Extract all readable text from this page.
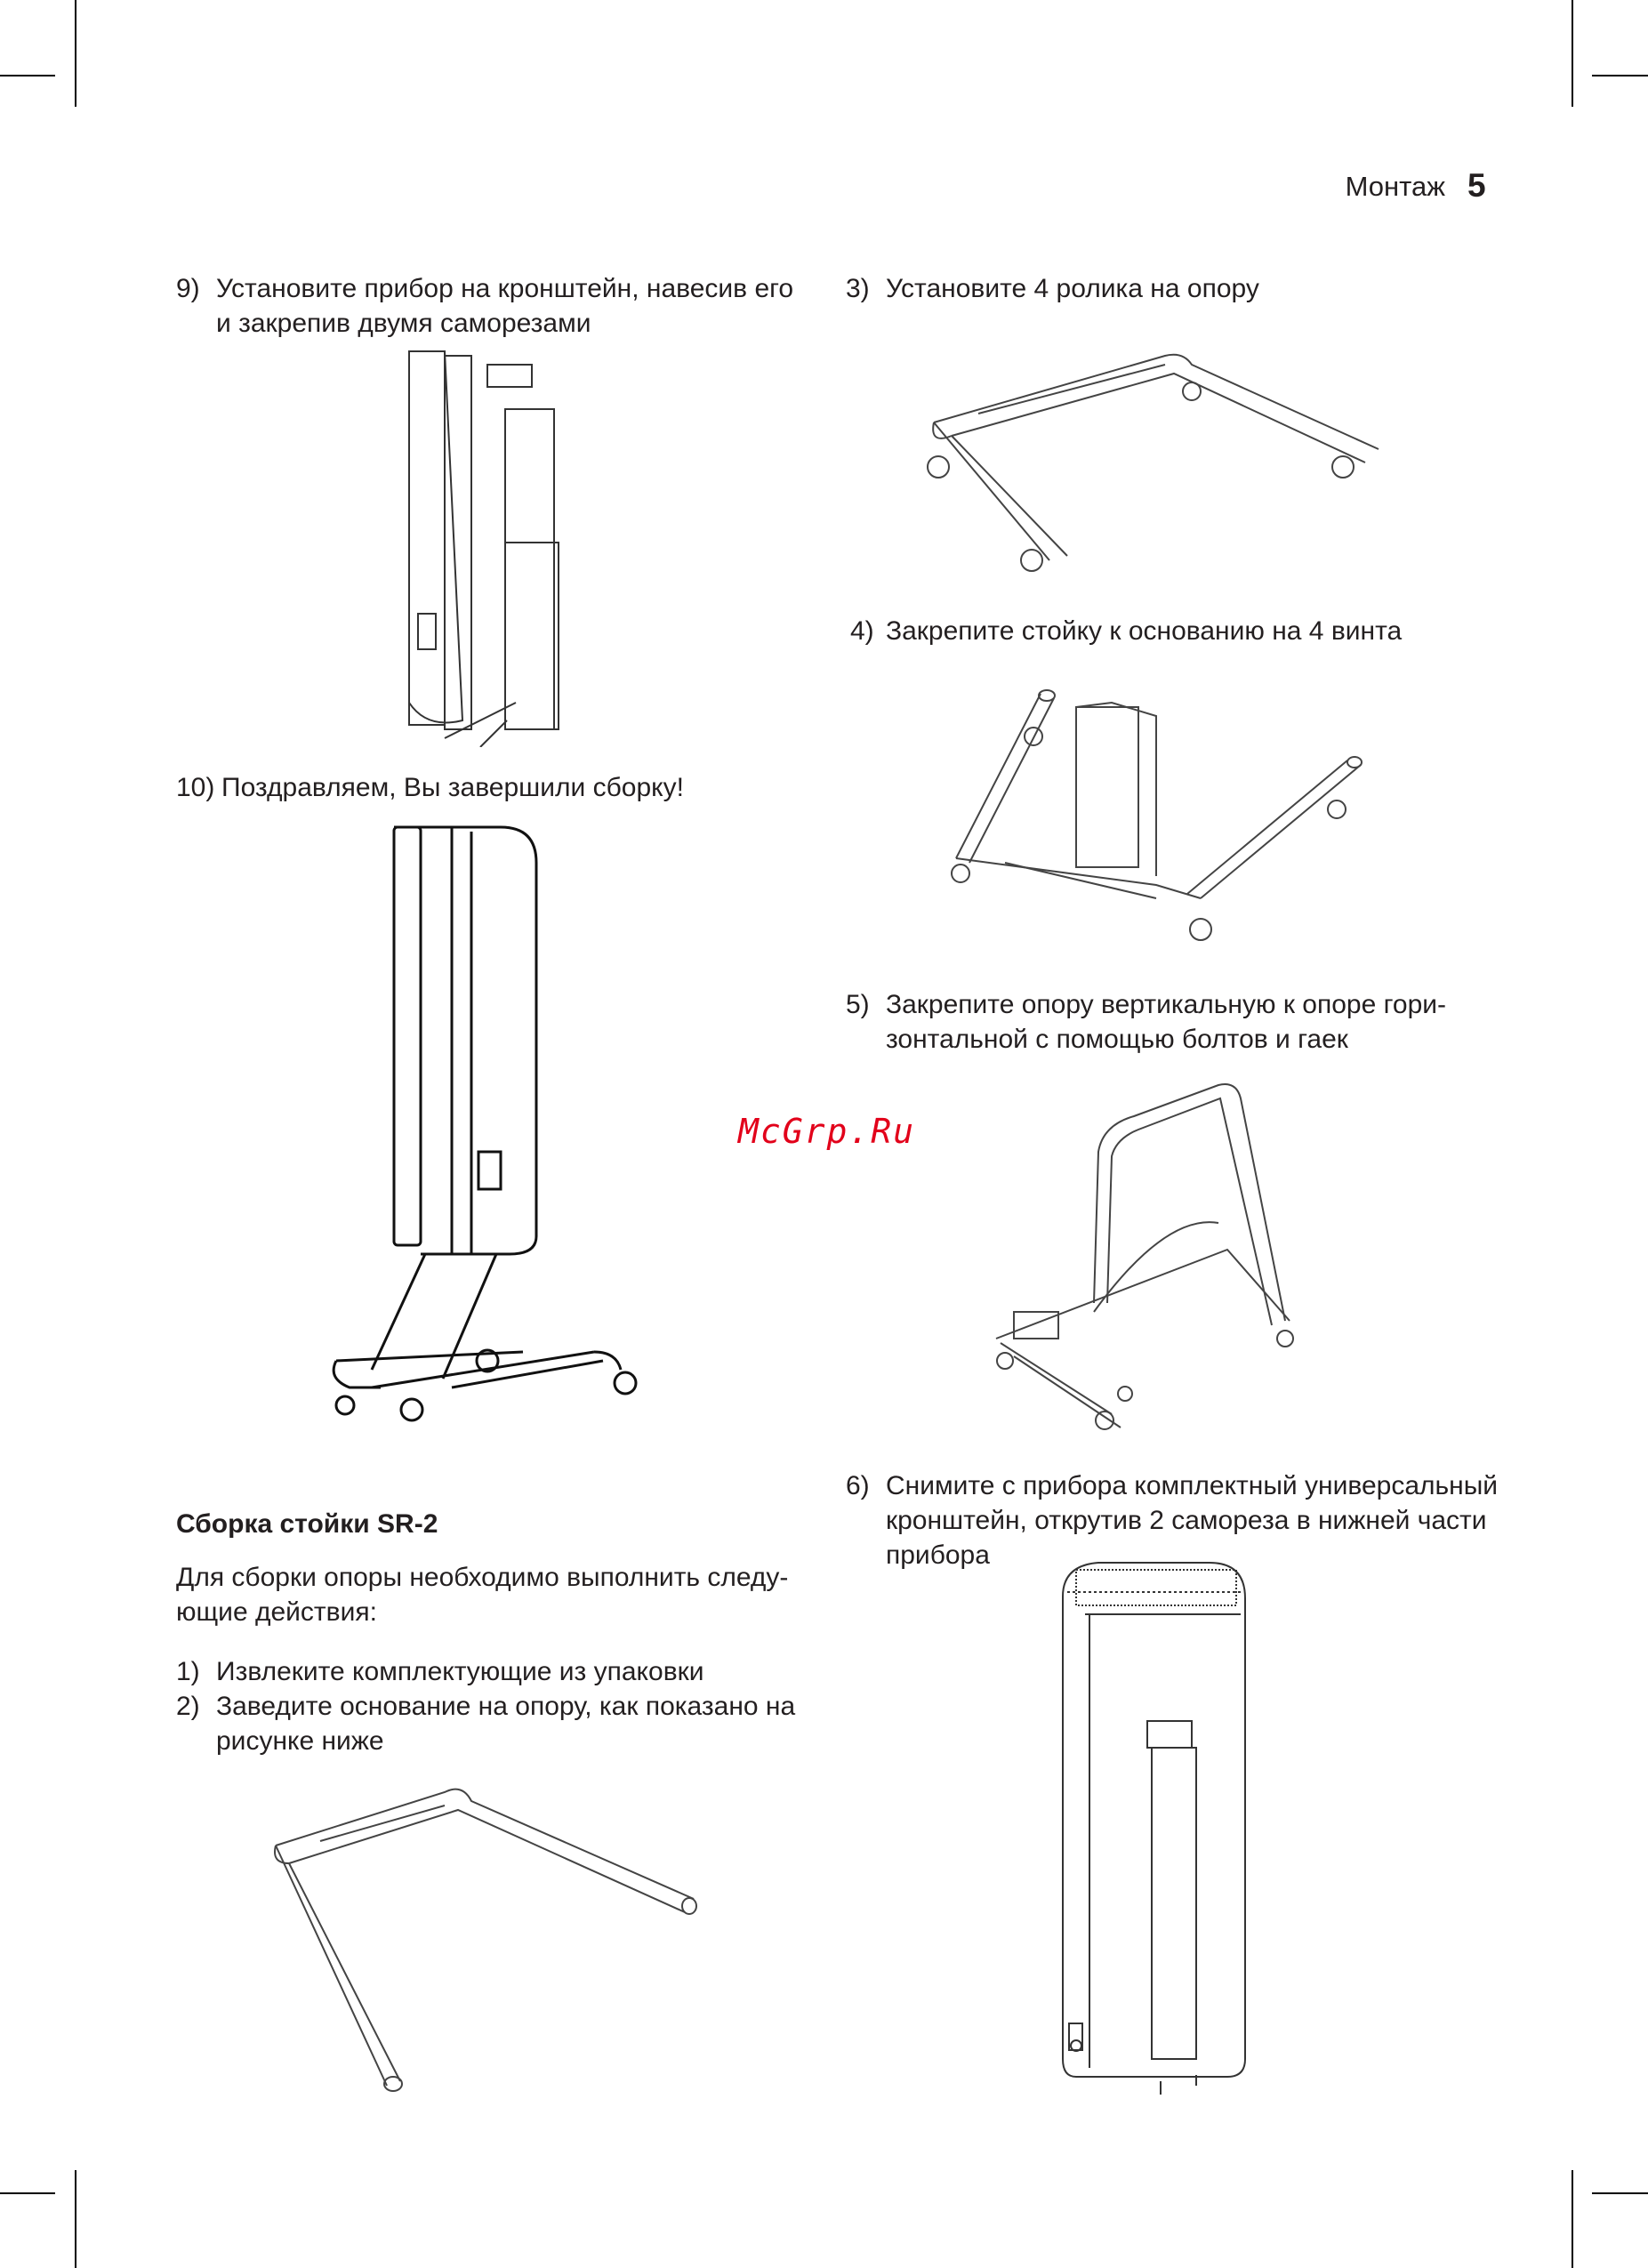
Монтаж 5
9) Установите прибор на кронштейн, навесив его
и закрепив двумя саморезами
10) Поздравляем, Вы завершили сборку!
Сборка стойки SR-2
Для сборки опоры необходимо выполнить следу-
ющие действия:
1) Извлеките комплектующие из упаковки
2) Заведите основание на опору, как показано на
рисунке ниже
3) Установите 4 ролика на опору
4) Закрепите стойку к основанию на 4 винта
5) Закрепите опору вертикальную к опоре гори-
зонтальной с помощью болтов и гаек
McGrp.Ru
6) Снимите с прибора комплектный универсальный
кронштейн, открутив 2 самореза в нижней части
прибора
